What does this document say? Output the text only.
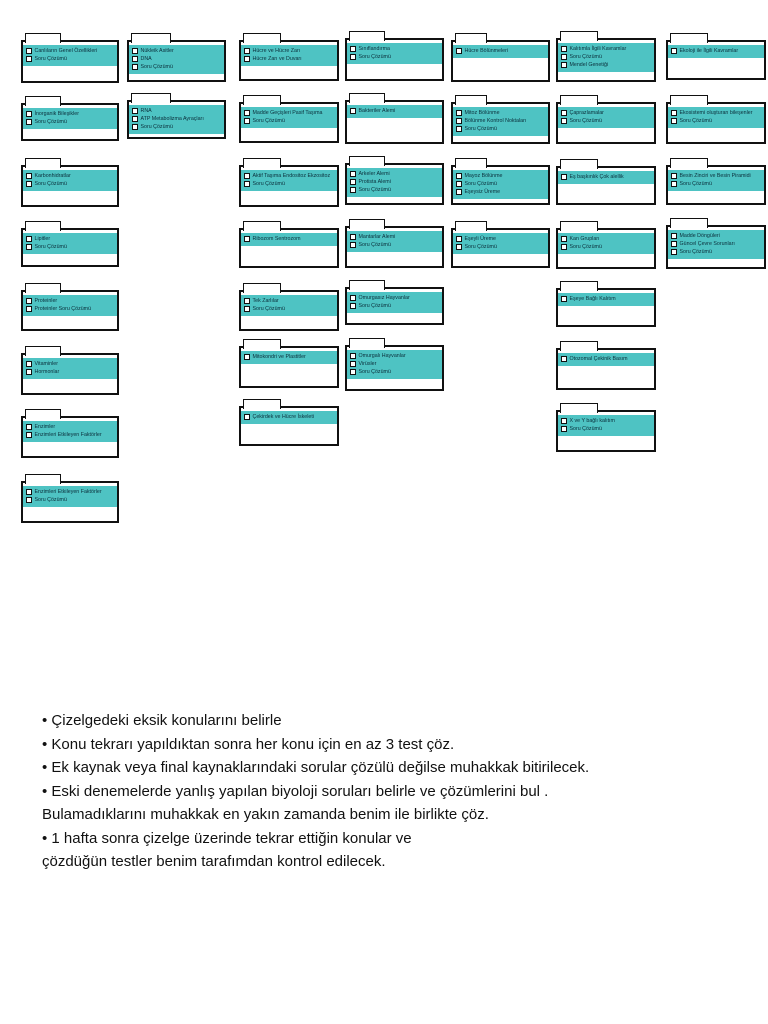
Canlıların Genel Özellikleri
Soru Çözümü
İnorganik Bileşikler
Soru Çözümü
Karbonhidratlar
Soru Çözümü
Lipitler
Soru Çözümü
Proteinler
Proteinler Soru Çözümü
Vitaminler
Hormonlar
Enzimler
Enzimleri Etkileyen Faktörler
Enzimleri Etkileyen Faktörler
Soru Çözümü
Nükleik Asitler
DNA
Soru Çözümü
RNA
ATP Metabolizma Ayraçları
Soru Çözümü
Hücre ve Hücre Zarı
Hücre Zarı ve Duvarı
Madde Geçişleri Pasif Taşıma
Soru Çözümü
Aktif Taşıma Endositoz Ekzositoz
Soru Çözümü
Ribozom Sentrozom
Tek Zarlılar
Soru Çözümü
Mitokondri ve Plastitler
Çekirdek ve Hücre İskeleti
Sınıflandırma
Soru Çözümü
Bakteriler Alemi
Arkeler Alemi
Protista Alemi
Soru Çözümü
Mantarlar Alemi
Soru Çözümü
Omurgasız Hayvanlar
Soru Çözümü
Omurgalı Hayvanlar
Virüsler
Soru Çözümü
Hücre Bölünmeleri
Mitoz Bölünme
Bölünme Kontrol Noktaları
Soru Çözümü
Mayoz Bölünme
Soru Çözümü
Eşeysiz Üreme
Eşeyli Üreme
Soru Çözümü
Kalıtımla İlgili Kavramlar
Soru Çözümü
Mendel Genetiği
Çaprazlamalar
Soru Çözümü
Eş başkınlık Çok alellik
Kan Grupları
Soru Çözümü
Eşeye Bağlı Kalıtım
Otozomal Çekinik Basım
X ve Y bağlı kalıtım
Soru Çözümü
Ekoloji ile İlgili Kavramlar
Ekosistemi oluşturan bileşenler
Soru Çözümü
Besin Zinciri ve Besin Piramidi
Soru Çözümü
Madde Döngüleri
Güncel Çevre Sorunları
Soru Çözümü
• Çizelgedeki eksik konularını belirle
• Konu tekrarı yapıldıktan sonra her konu için en az 3 test çöz.
• Ek kaynak veya final kaynaklarındaki sorular çözülü değilse muhakkak bitirilecek.
• Eski denemelerde yanlış yapılan biyoloji soruları belirle ve çözümlerini bul .
Bulamadıklarını muhakkak en yakın zamanda benim ile birlikte çöz.
• 1 hafta sonra çizelge üzerinde tekrar ettiğin konular ve
çözdüğün testler benim tarafımdan kontrol edilecek.
